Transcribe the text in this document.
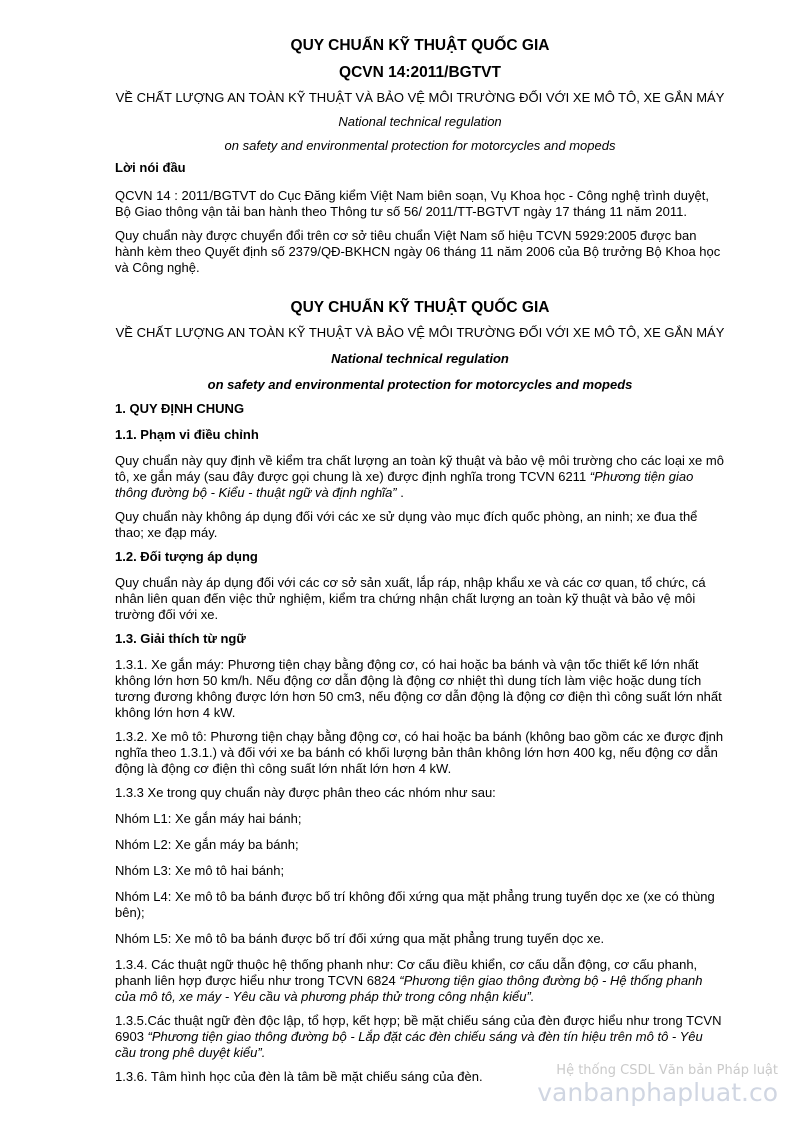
QUY CHUẨN KỸ THUẬT QUỐC GIA

QCVN 14:2011/BGTVT

VỀ CHẤT LƯỢNG AN TOÀN KỸ THUẬT VÀ BẢO VỆ MÔI TRƯỜNG ĐỐI VỚI XE MÔ TÔ, XE GẮN MÁY

National technical regulation

on safety and environmental protection for motorcycles and mopeds

Lời nói đầu

QCVN 14 : 2011/BGTVT do Cục Đăng kiểm Việt Nam biên soạn, Vụ Khoa học - Công nghệ trình duyệt, Bộ Giao thông vận tải ban hành theo Thông tư số 56/ 2011/TT-BGTVT ngày 17 tháng 11 năm 2011.

Quy chuẩn này được chuyển đổi trên cơ sở tiêu chuẩn Việt Nam số hiệu TCVN 5929:2005 được ban hành kèm theo Quyết định số 2379/QĐ-BKHCN ngày 06 tháng 11 năm 2006 của Bộ trưởng Bộ Khoa học và Công nghệ.

QUY CHUẨN KỸ THUẬT QUỐC GIA

VỀ CHẤT LƯỢNG AN TOÀN KỸ THUẬT VÀ BẢO VỆ MÔI TRƯỜNG ĐỐI VỚI XE MÔ TÔ, XE GẮN MÁY

National technical regulation

on safety and environmental protection for motorcycles and mopeds

1. QUY ĐỊNH CHUNG

1.1. Phạm vi điều chỉnh

Quy chuẩn này quy định về kiểm tra chất lượng an toàn kỹ thuật và bảo vệ môi trường cho các loại xe mô tô, xe gắn máy (sau đây được gọi chung là xe) được định nghĩa trong TCVN 6211 “Phương tiện giao thông đường bộ - Kiểu - thuật ngữ và định nghĩa” .

Quy chuẩn này không áp dụng đối với các xe sử dụng vào mục đích quốc phòng, an ninh; xe đua thể thao; xe đạp máy.

1.2. Đối tượng áp dụng

Quy chuẩn này áp dụng đối với các cơ sở sản xuất, lắp ráp, nhập khẩu xe và các cơ quan, tổ chức, cá nhân liên quan đến việc thử nghiệm, kiểm tra chứng nhận chất lượng an toàn kỹ thuật và bảo vệ môi trường đối với xe.

1.3. Giải thích từ ngữ

1.3.1. Xe gắn máy: Phương tiện chạy bằng động cơ, có hai hoặc ba bánh và vận tốc thiết kế lớn nhất không lớn hơn 50 km/h. Nếu động cơ dẫn động là động cơ nhiệt thì dung tích làm việc hoặc dung tích tương đương không được lớn hơn 50 cm3, nếu động cơ dẫn động là động cơ điện thì công suất lớn nhất không lớn hơn 4 kW.

1.3.2. Xe mô tô: Phương tiện chạy bằng động cơ, có hai hoặc ba bánh (không bao gồm các xe được định nghĩa theo 1.3.1.) và đối với xe ba bánh có khối lượng bản thân không lớn hơn 400 kg, nếu động cơ dẫn động là động cơ điện thì công suất lớn nhất lớn hơn 4 kW.

1.3.3 Xe trong quy chuẩn này được phân theo các nhóm như sau:

Nhóm L1: Xe gắn máy hai bánh;

Nhóm L2: Xe gắn máy ba bánh;

Nhóm L3: Xe mô tô hai bánh;

Nhóm L4: Xe mô tô ba bánh được bố trí không đối xứng qua mặt phẳng trung tuyến dọc xe (xe có thùng bên);

Nhóm L5: Xe mô tô ba bánh được bố trí đối xứng qua mặt phẳng trung tuyến dọc xe.

1.3.4. Các thuật ngữ thuộc hệ thống phanh như: Cơ cấu điều khiển, cơ cấu dẫn động, cơ cấu phanh, phanh liên hợp được hiểu như trong TCVN 6824 “Phương tiện giao thông đường bộ - Hệ thống phanh của mô tô, xe máy - Yêu cầu và phương pháp thử trong công nhận kiểu”.

1.3.5.Các thuật ngữ đèn độc lập, tổ hợp, kết hợp; bề mặt chiếu sáng của đèn được hiểu như trong TCVN 6903 “Phương tiện giao thông đường bộ - Lắp đặt các đèn chiếu sáng và đèn tín hiệu trên mô tô - Yêu cầu trong phê duyệt kiểu”.

1.3.6. Tâm hình học của đèn là tâm bề mặt chiếu sáng của đèn.	Hệ thống CSDL Văn bản Pháp luật
vanbanphapluat.co
